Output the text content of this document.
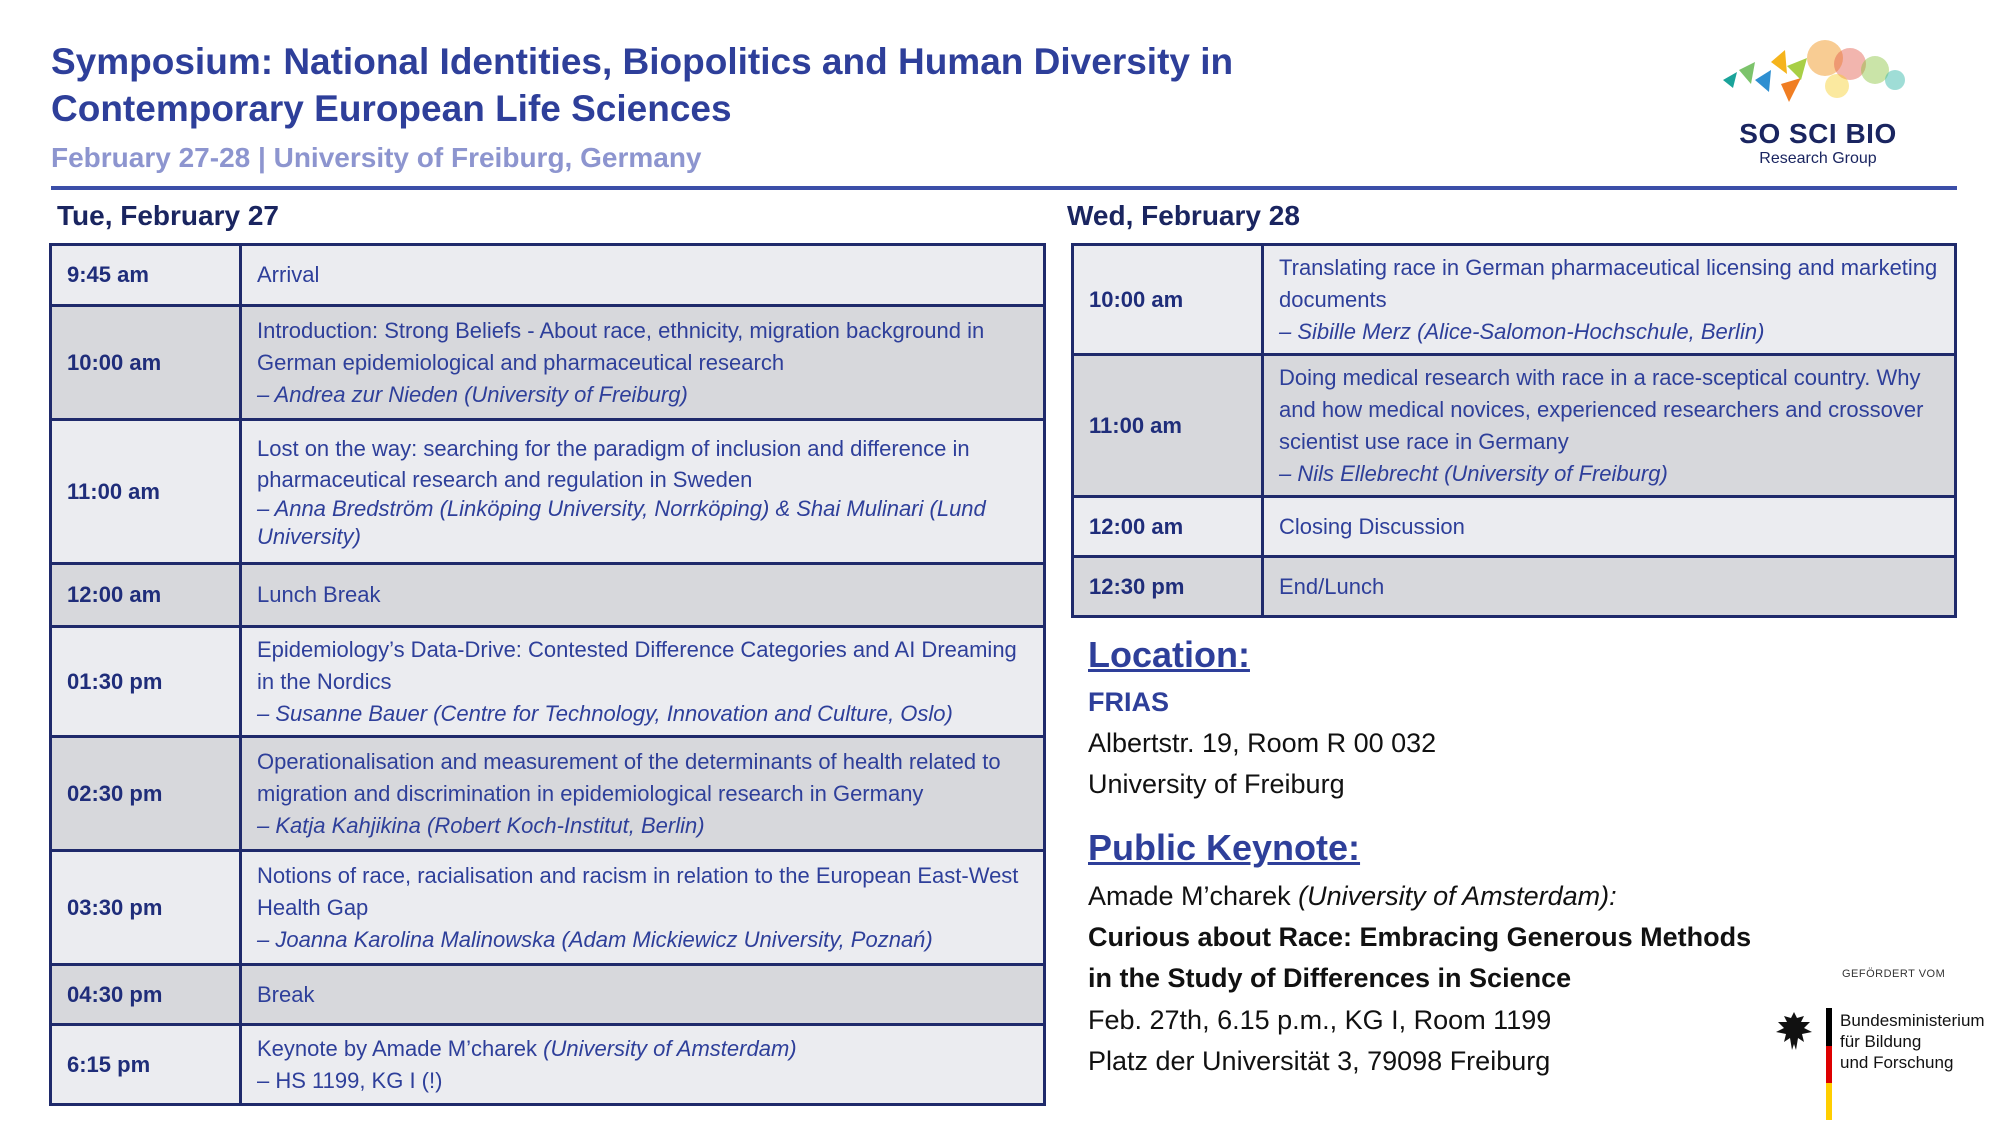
Symposium: National Identities, Biopolitics and Human Diversity in
Contemporary European Life Sciences
February 27-28 | University of Freiburg, Germany
SO SCI BIO
Research Group
Tue, February 27
9:45 am	Arrival
10:00 am	Introduction: Strong Beliefs - About race, ethnicity, migration background in German epidemiological and pharmaceutical research
– Andrea zur Nieden (University of Freiburg)

11:00 am	Lost on the way: searching for the paradigm of inclusion and difference in pharmaceutical research and regulation in Sweden
– Anna Bredström (Linköping University, Norrköping) & Shai Mulinari (Lund University)

12:00 am	Lunch Break
01:30 pm	Epidemiology’s Data-Drive: Contested Difference Categories and AI Dreaming in the Nordics
– Susanne Bauer (Centre for Technology, Innovation and Culture, Oslo)

02:30 pm	Operationalisation and measurement of the determinants of health related to migration and discrimination in epidemiological research in Germany
– Katja Kahjikina (Robert Koch-Institut, Berlin)

03:30 pm	Notions of race, racialisation and racism in relation to the European East-West Health Gap
– Joanna Karolina Malinowska (Adam Mickiewicz University, Poznań)

04:30 pm	Break
6:15 pm	Keynote by Amade M’charek (University of Amsterdam)
– HS 1199, KG I (!)
Wed, February 28
10:00 am	Translating race in German pharmaceutical licensing and marketing documents
– Sibille Merz (Alice-Salomon-Hochschule, Berlin)

11:00 am	Doing medical research with race in a race-sceptical country. Why and how medical novices, experienced researchers and crossover scientist use race in Germany
– Nils Ellebrecht (University of Freiburg)

12:00 am	Closing Discussion
12:30 pm	End/Lunch
Location:
FRIAS
Albertstr. 19, Room R 00 032
University of Freiburg
Public Keynote:
Amade M’charek (University of Amsterdam):
Curious about Race: Embracing Generous Methods
in the Study of Differences in Science
Feb. 27th, 6.15 p.m., KG I, Room 1199
Platz der Universität 3, 79098 Freiburg
GEFÖRDERT VOM
Bundesministerium
für Bildung
und Forschung
